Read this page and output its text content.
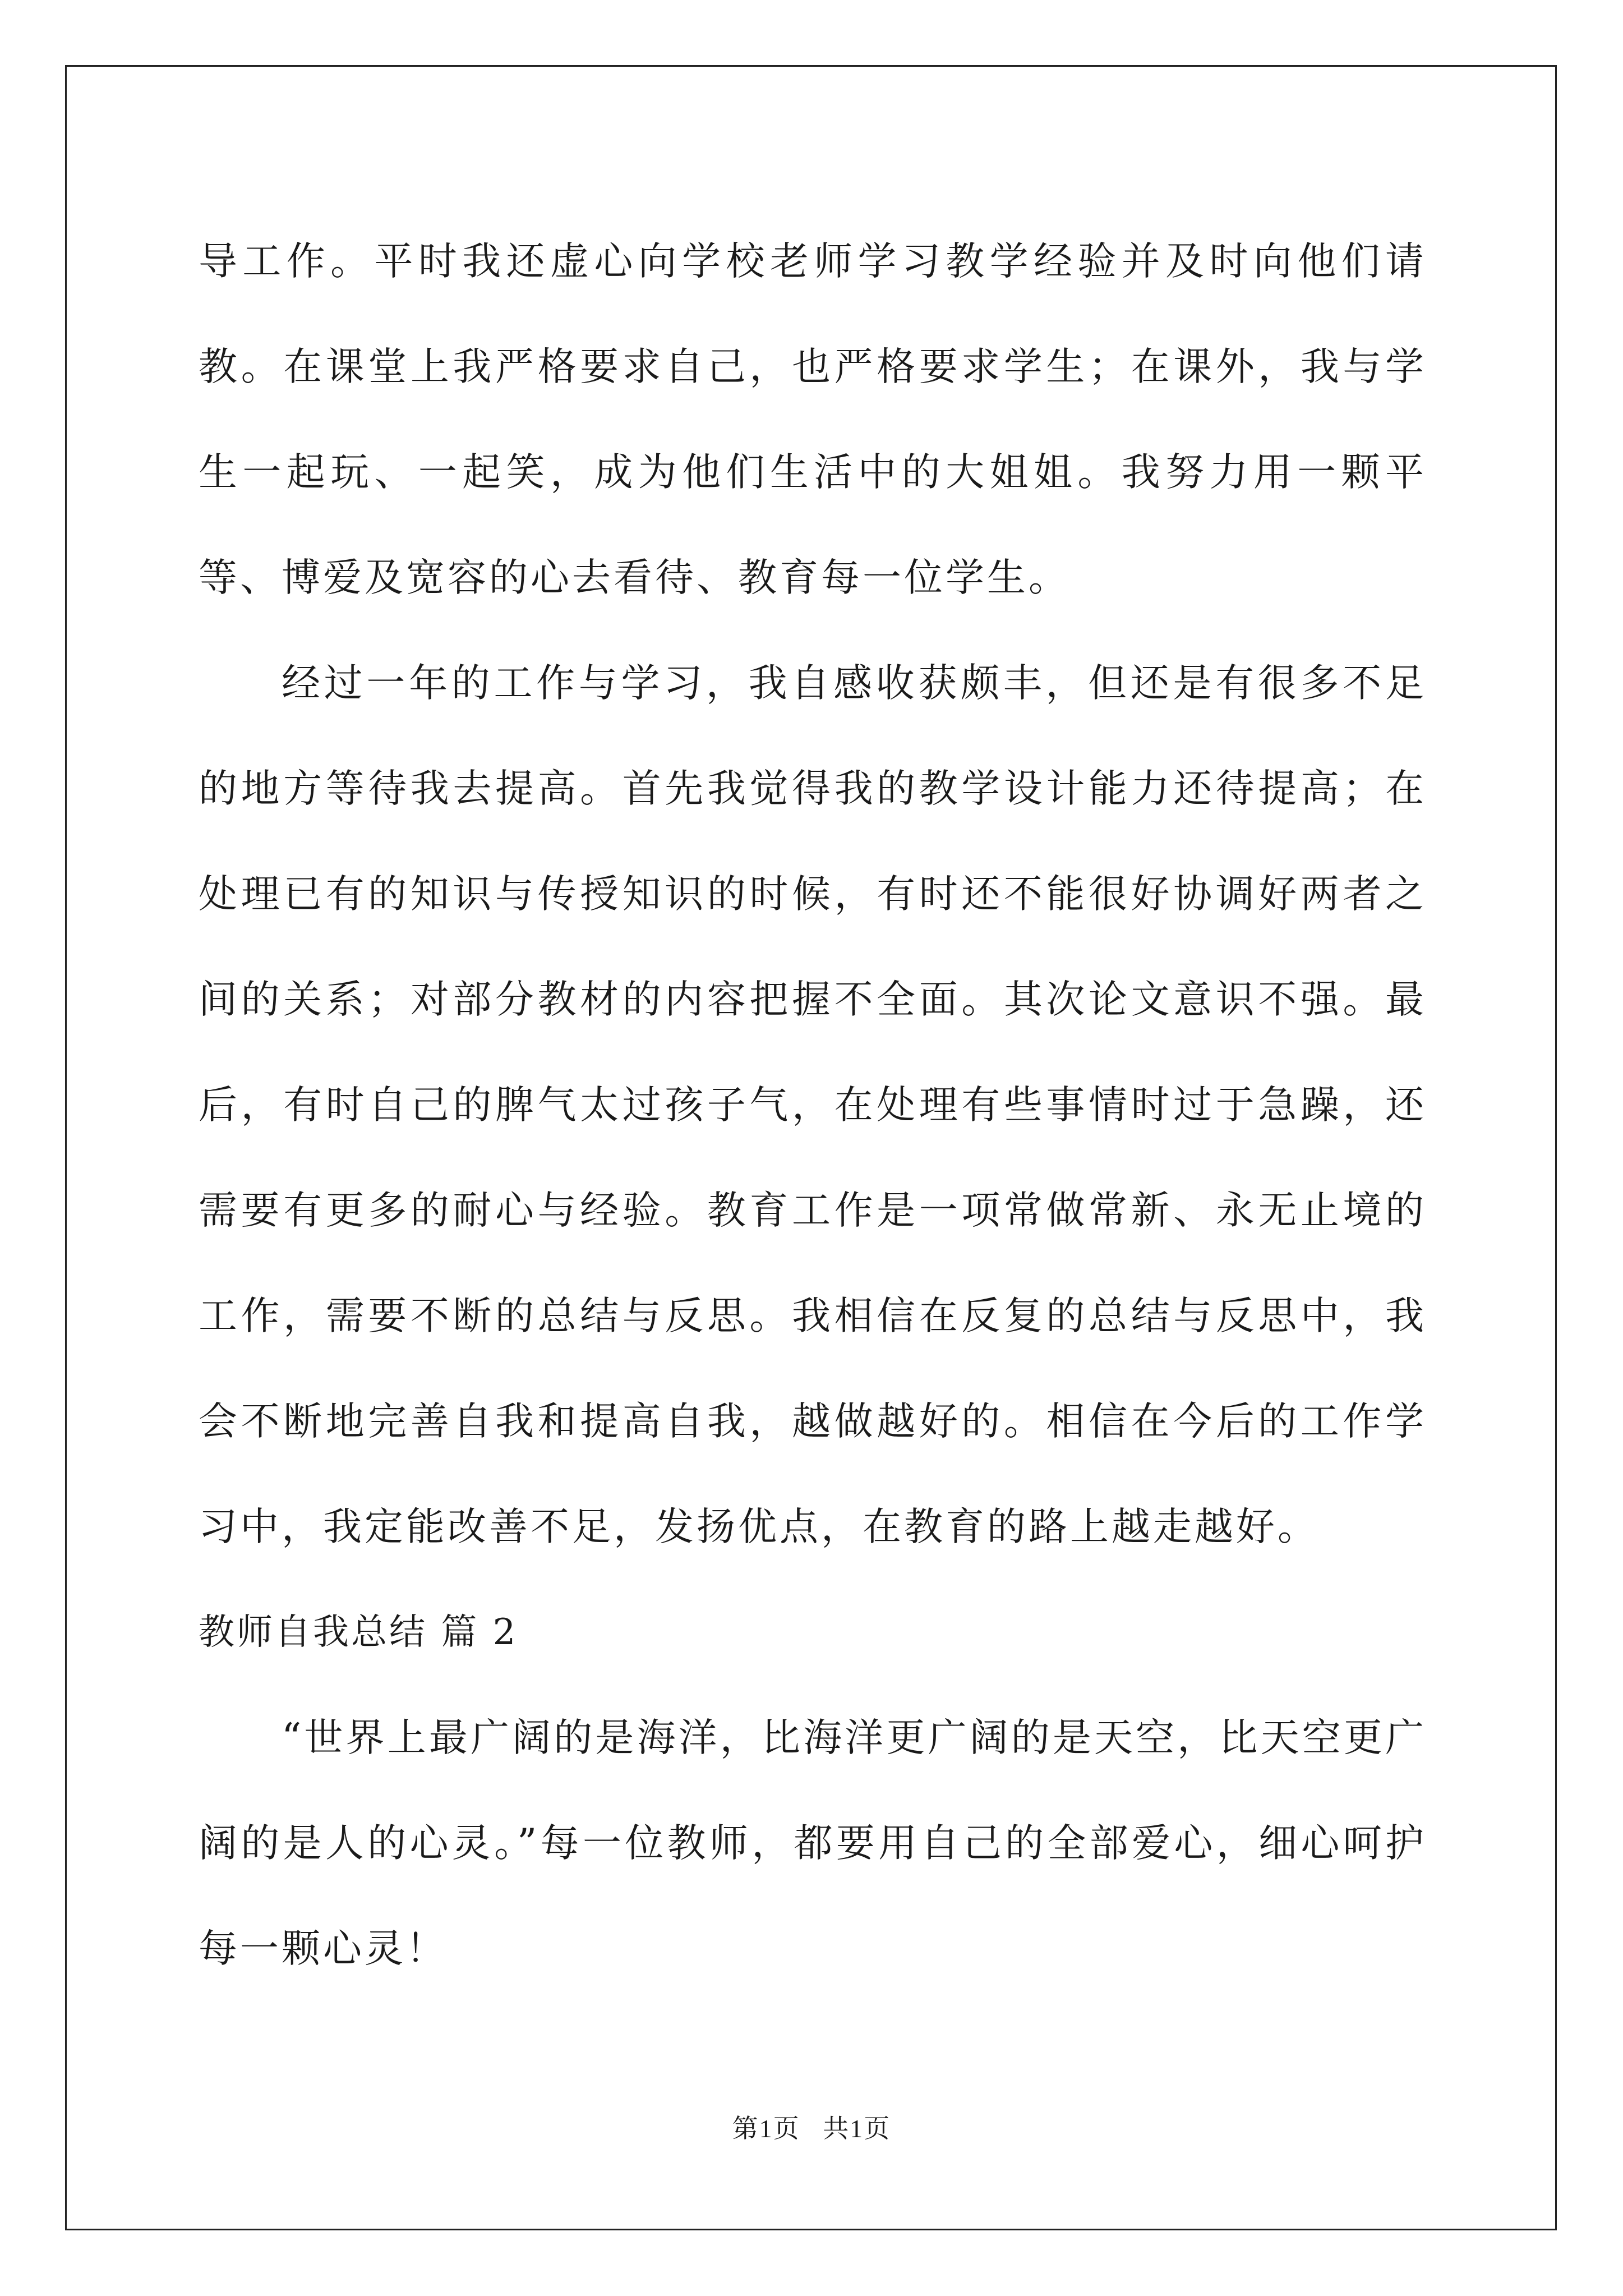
导工作。平时我还虚心向学校老师学习教学经验并及时向他们请教。在课堂上我严格要求自己，也严格要求学生；在课外，我与学生一起玩、一起笑，成为他们生活中的大姐姐。我努力用一颗平等、博爱及宽容的心去看待、教育每一位学生。

经过一年的工作与学习，我自感收获颇丰，但还是有很多不足的地方等待我去提高。首先我觉得我的教学设计能力还待提高；在处理已有的知识与传授知识的时候，有时还不能很好协调好两者之间的关系；对部分教材的内容把握不全面。其次论文意识不强。最后，有时自己的脾气太过孩子气，在处理有些事情时过于急躁，还需要有更多的耐心与经验。教育工作是一项常做常新、永无止境的工作，需要不断的总结与反思。我相信在反复的总结与反思中，我会不断地完善自我和提高自我，越做越好的。相信在今后的工作学习中，我定能改善不足，发扬优点，在教育的路上越走越好。

教师自我总结 篇 2

“世界上最广阔的是海洋，比海洋更广阔的是天空，比天空更广阔的是人的心灵。”每一位教师，都要用自己的全部爱心，细心呵护每一颗心灵！

第1页   共1页
